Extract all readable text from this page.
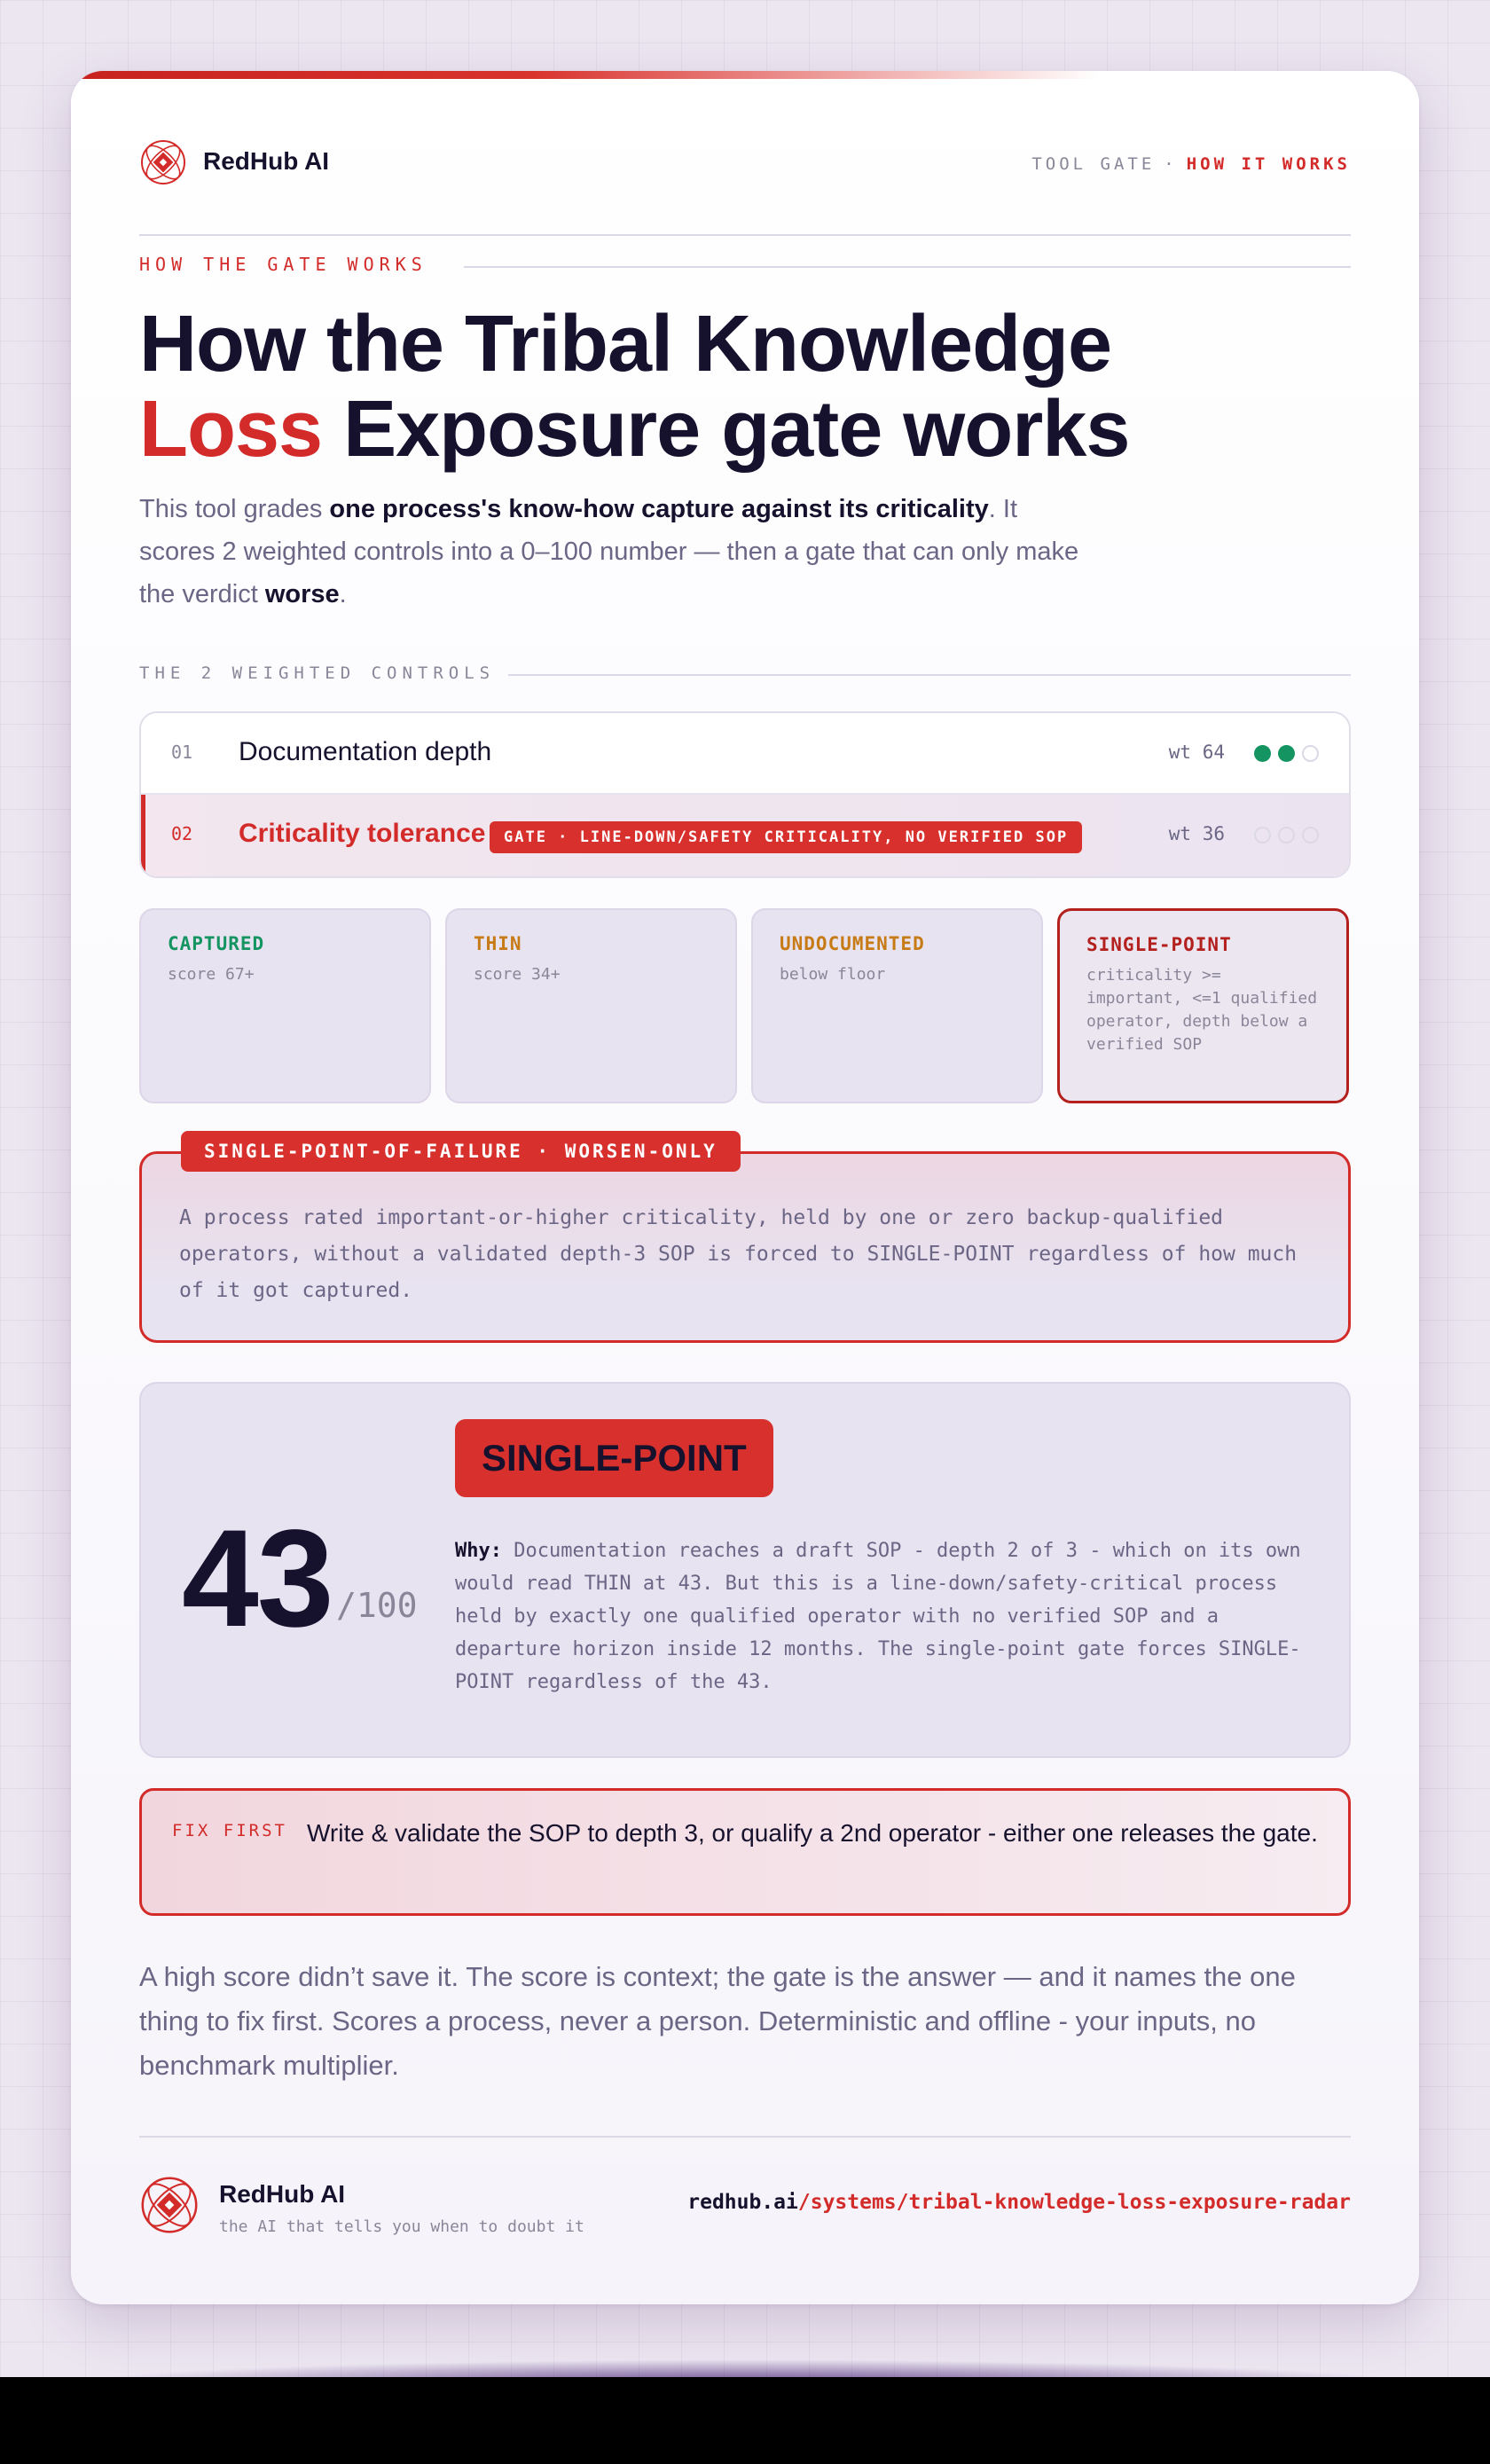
RedHub AI	TOOL GATE · HOW IT WORKS
HOW THE GATE WORKS
How the Tribal Knowledge
Loss Exposure gate works

This tool grades one process's know-how capture against its criticality. It scores 2 weighted controls into a 0–100 number — then a gate that can only make the verdict worse.

THE 2 WEIGHTED CONTROLS
01 Documentation depth	wt 64
02 Criticality tolerance	GATE · LINE-DOWN/SAFETY CRITICALITY, NO VERIFIED SOP	wt 36
CAPTURED
score 67+
THIN
score 34+
UNDOCUMENTED
below floor
SINGLE-POINT
criticality >= important, <=1 qualified operator, depth below a verified SOP
SINGLE-POINT-OF-FAILURE · WORSEN-ONLY

A process rated important-or-higher criticality, held by one or zero backup-qualified operators, without a validated depth-3 SOP is forced to SINGLE-POINT regardless of how much of it got captured.

43 /100
SINGLE-POINT

Why: Documentation reaches a draft SOP - depth 2 of 3 - which on its own would read THIN at 43. But this is a line-down/safety-critical process held by exactly one qualified operator with no verified SOP and a departure horizon inside 12 months. The single-point gate forces SINGLE-POINT regardless of the 43.

FIX FIRST Write & validate the SOP to depth 3, or qualify a 2nd operator - either one releases the gate.

A high score didn’t save it. The score is context; the gate is the answer — and it names the one thing to fix first. Scores a process, never a person. Deterministic and offline - your inputs, no benchmark multiplier.

RedHub AI
the AI that tells you when to doubt it
redhub.ai/systems/tribal-knowledge-loss-exposure-radar
